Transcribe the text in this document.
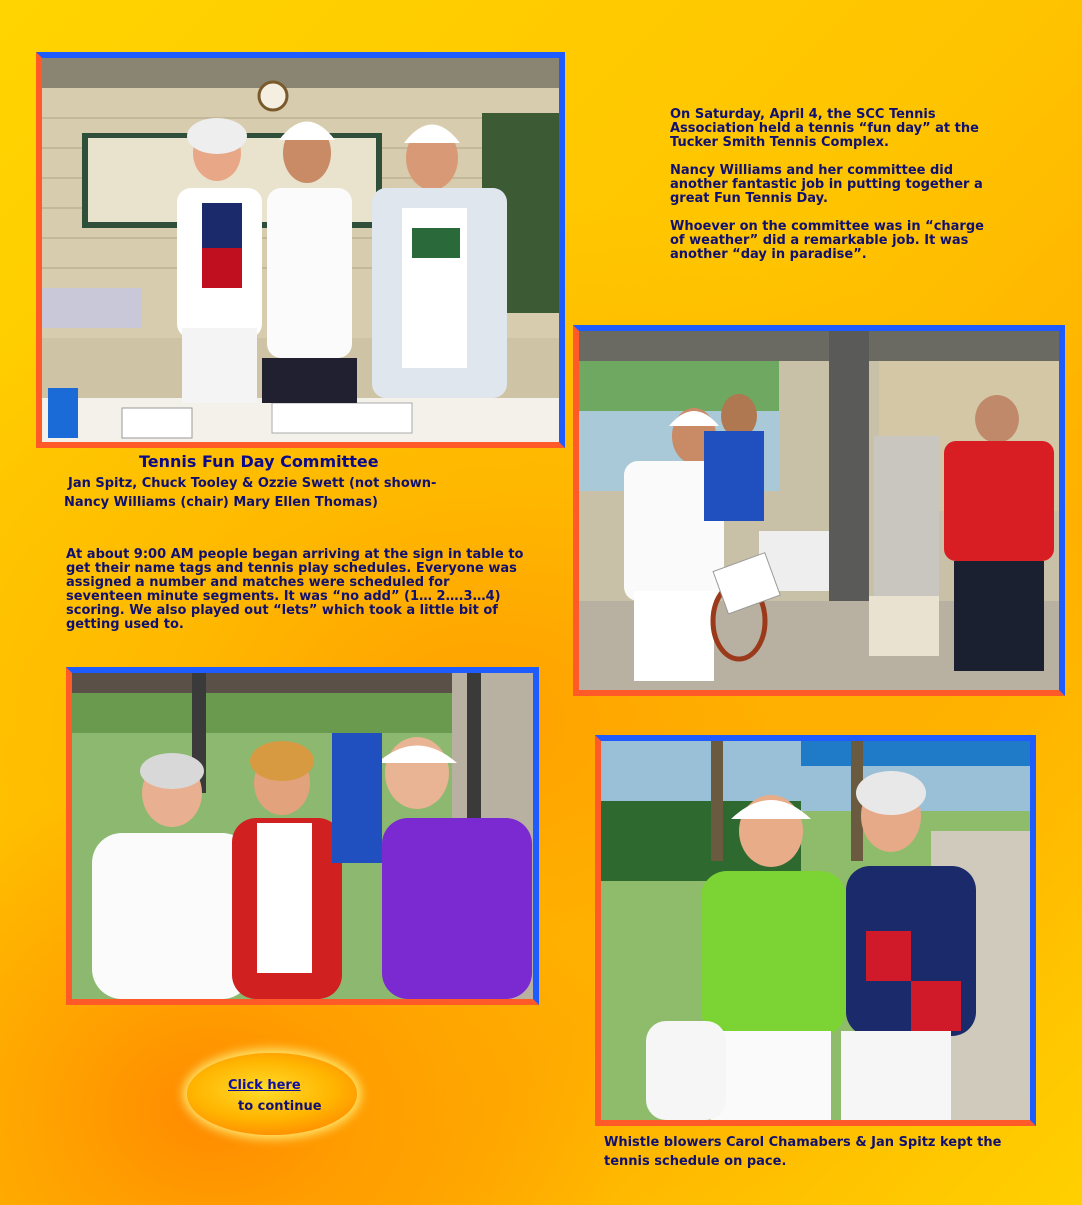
On Saturday, April 4, the SCC Tennis Association held a tennis “fun day” at the Tucker Smith Tennis Complex.

Nancy Williams and her committee did another fantastic job in putting together a great Fun Tennis Day.

Whoever on the committee was in “charge of weather” did a remarkable job. It was another “day in paradise”.

Tennis Fun Day Committee

Jan Spitz, Chuck Tooley & Ozzie Swett (not shown-

Nancy Williams (chair) Mary Ellen Thomas)

At about 9:00 AM people began arriving at the sign in table to get their name tags and tennis play schedules. Everyone was assigned a number and matches were scheduled for seventeen minute segments. It was “no add” (1… 2….3…4) scoring. We also played out “lets” which took a little bit of getting used to.

Click here
to continue

Whistle blowers Carol Chamabers & Jan Spitz kept the

tennis schedule on pace.
